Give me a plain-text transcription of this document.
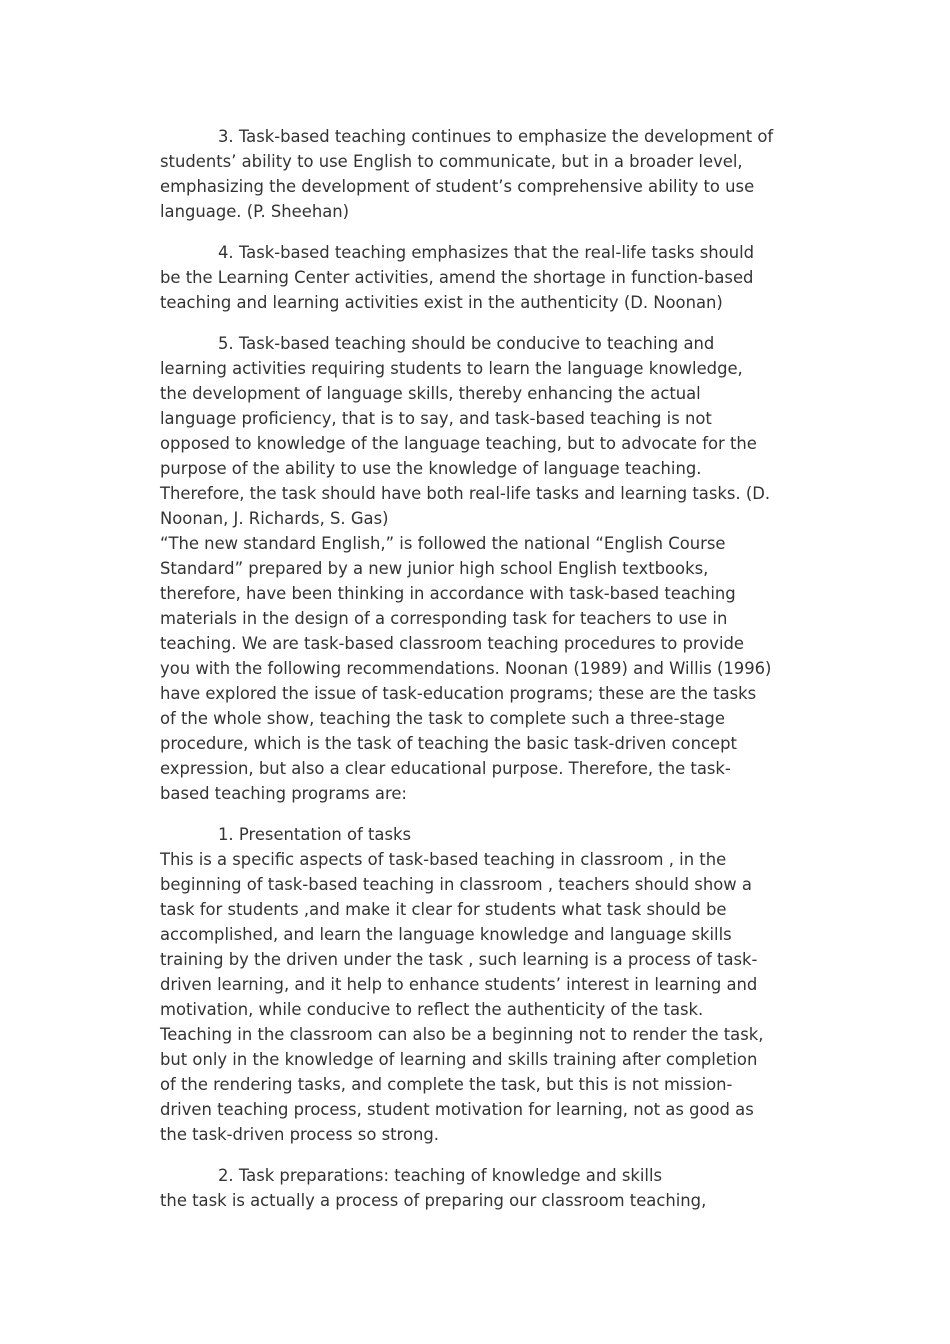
3. Task-based teaching continues to emphasize the development of
students’ ability to use English to communicate, but in a broader level,
emphasizing the development of student’s comprehensive ability to use
language. (P. Sheehan)

4. Task-based teaching emphasizes that the real-life tasks should
be the Learning Center activities, amend the shortage in function-based
teaching and learning activities exist in the authenticity (D. Noonan)

5. Task-based teaching should be conducive to teaching and
learning activities requiring students to learn the language knowledge,
the development of language skills, thereby enhancing the actual
language proficiency, that is to say, and task-based teaching is not
opposed to knowledge of the language teaching, but to advocate for the
purpose of the ability to use the knowledge of language teaching.
Therefore, the task should have both real-life tasks and learning tasks. (D.
Noonan, J. Richards, S. Gas)

“The new standard English,” is followed the national “English Course
Standard” prepared by a new junior high school English textbooks,
therefore, have been thinking in accordance with task-based teaching
materials in the design of a corresponding task for teachers to use in
teaching. We are task-based classroom teaching procedures to provide
you with the following recommendations. Noonan (1989) and Willis (1996)
have explored the issue of task-education programs; these are the tasks
of the whole show, teaching the task to complete such a three-stage
procedure, which is the task of teaching the basic task-driven concept
expression, but also a clear educational purpose. Therefore, the task-
based teaching programs are:

1. Presentation of tasks

This is a specific aspects of task-based teaching in classroom , in the
beginning of task-based teaching in classroom , teachers should show a
task for students ,and make it clear for students what task should be
accomplished, and learn the language knowledge and language skills
training by the driven under the task , such learning is a process of task-
driven learning, and it help to enhance students’ interest in learning and
motivation, while conducive to reflect the authenticity of the task.
Teaching in the classroom can also be a beginning not to render the task,
but only in the knowledge of learning and skills training after completion
of the rendering tasks, and complete the task, but this is not mission-
driven teaching process, student motivation for learning, not as good as
the task-driven process so strong.

2. Task preparations: teaching of knowledge and skills

the task is actually a process of preparing our classroom teaching,
